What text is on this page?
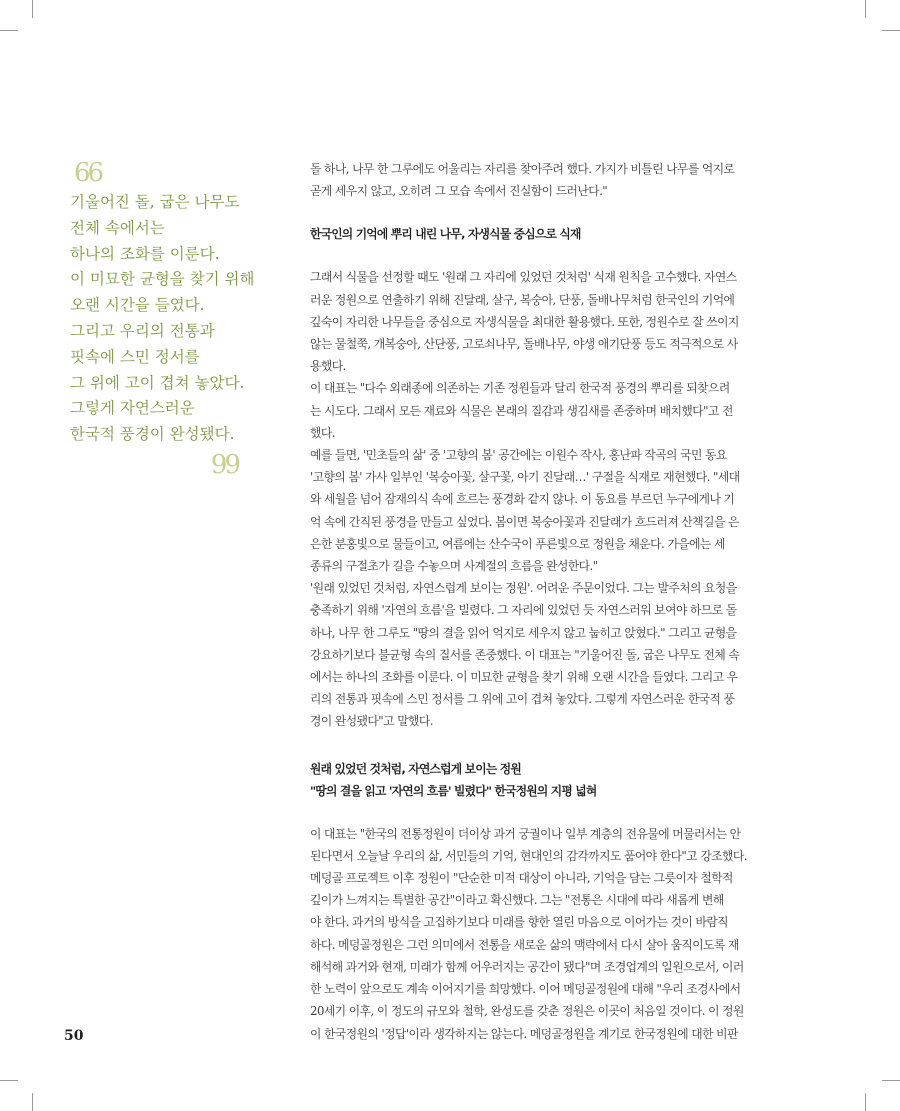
66
기울어진 돌, 굽은 나무도
전체 속에서는
하나의 조화를 이룬다.
이 미묘한 균형을 찾기 위해
오랜 시간을 들였다.
그리고 우리의 전통과
핏속에 스민 정서를
그 위에 고이 겹쳐 놓았다.
그렇게 자연스러운
한국적 풍경이 완성됐다.
99
돌 하나, 나무 한 그루에도 어울리는 자리를 찾아주려 했다. 가지가 비틀린 나무를 억지로
곧게 세우지 않고, 오히려 그 모습 속에서 진실함이 드러난다."
한국인의 기억에 뿌리 내린 나무, 자생식물 중심으로 식재
그래서 식물을 선정할 때도 '원래 그 자리에 있었던 것처럼' 식재 원칙을 고수했다. 자연스
러운 정원으로 연출하기 위해 진달래, 살구, 복숭아, 단풍, 돌배나무처럼 한국인의 기억에
깊숙이 자리한 나무들을 중심으로 자생식물을 최대한 활용했다. 또한, 정원수로 잘 쓰이지
않는 물철쭉, 개복숭아, 산단풍, 고로쇠나무, 돌배나무, 야생 애기단풍 등도 적극적으로 사
용했다.
이 대표는 "다수 외래종에 의존하는 기존 정원들과 달리 한국적 풍경의 뿌리를 되찾으려
는 시도다. 그래서 모든 재료와 식물은 본래의 질감과 생김새를 존중하며 배치했다"고 전
했다.
예를 들면, '민초들의 삶' 중 '고향의 봄' 공간에는 이원수 작사, 홍난파 작곡의 국민 동요
'고향의 봄' 가사 일부인 '복숭아꽃, 살구꽃, 아기 진달래…' 구절을 식재로 재현했다. "세대
와 세월을 넘어 잠재의식 속에 흐르는 풍경화 같지 않나. 이 동요를 부르던 누구에게나 기
억 속에 간직된 풍경을 만들고 싶었다. 봄이면 복숭아꽃과 진달래가 흐드러져 산책길을 은
은한 분홍빛으로 물들이고, 여름에는 산수국이 푸른빛으로 정원을 채운다. 가을에는 세
종류의 구절초가 길을 수놓으며 사계절의 흐름을 완성한다."
'원래 있었던 것처럼, 자연스럽게 보이는 정원'. 어려운 주문이었다. 그는 발주처의 요청을
충족하기 위해 '자연의 흐름'을 빌렸다. 그 자리에 있었던 듯 자연스러워 보여야 하므로 돌
하나, 나무 한 그루도 "땅의 결을 읽어 억지로 세우지 않고 눕히고 앉혔다." 그리고 균형을
강요하기보다 불균형 속의 질서를 존중했다. 이 대표는 "기울어진 돌, 굽은 나무도 전체 속
에서는 하나의 조화를 이룬다. 이 미묘한 균형을 찾기 위해 오랜 시간을 들였다. 그리고 우
리의 전통과 핏속에 스민 정서를 그 위에 고이 겹쳐 놓았다. 그렇게 자연스러운 한국적 풍
경이 완성됐다"고 말했다.
원래 있었던 것처럼, 자연스럽게 보이는 정원
"땅의 결을 읽고 '자연의 흐름' 빌렸다" 한국정원의 지평 넓혀
이 대표는 "한국의 전통정원이 더이상 과거 궁궐이나 일부 계층의 전유물에 머물러서는 안
된다면서 오늘날 우리의 삶, 서민들의 기억, 현대인의 감각까지도 품어야 한다"고 강조했다.
메덩골 프로젝트 이후 정원이 "단순한 미적 대상이 아니라, 기억을 담는 그릇이자 철학적
깊이가 느껴지는 특별한 공간"이라고 확신했다. 그는 "전통은 시대에 따라 새롭게 변해
야 한다. 과거의 방식을 고집하기보다 미래를 향한 열린 마음으로 이어가는 것이 바람직
하다. 메덩골정원은 그런 의미에서 전통을 새로운 삶의 맥락에서 다시 살아 움직이도록 재
해석해 과거와 현재, 미래가 함께 어우러지는 공간이 됐다"며 조경업계의 일원으로서, 이러
한 노력이 앞으로도 계속 이어지기를 희망했다. 이어 메덩골정원에 대해 "우리 조경사에서
20세기 이후, 이 정도의 규모와 철학, 완성도를 갖춘 정원은 이곳이 처음일 것이다. 이 정원
이 한국정원의 '정답'이라 생각하지는 않는다. 메덩골정원을 계기로 한국정원에 대한 비판
50
